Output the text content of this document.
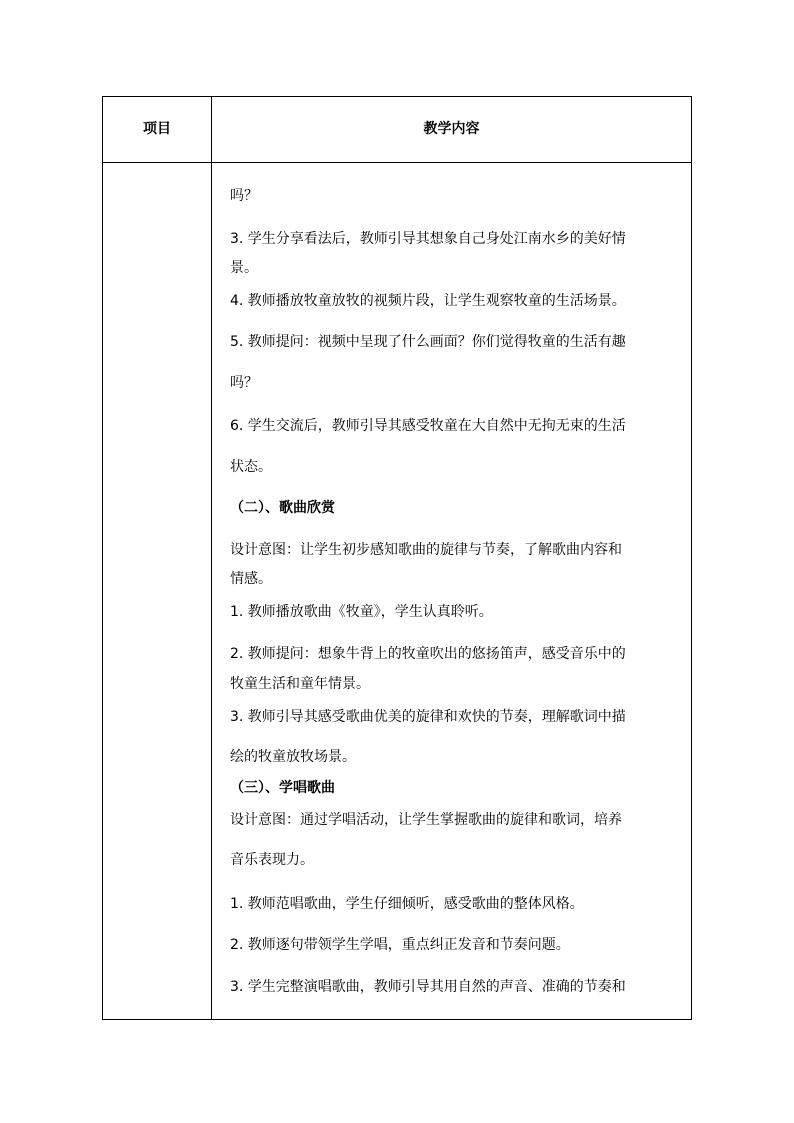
项目	教学内容
吗？
3. 学生分享看法后，教师引导其想象自己身处江南水乡的美好情
景。
4. 教师播放牧童放牧的视频片段，让学生观察牧童的生活场景。
5. 教师提问：视频中呈现了什么画面？你们觉得牧童的生活有趣
吗？
6. 学生交流后，教师引导其感受牧童在大自然中无拘无束的生活
状态。
（二）、歌曲欣赏
设计意图：让学生初步感知歌曲的旋律与节奏，了解歌曲内容和
情感。
1. 教师播放歌曲《牧童》，学生认真聆听。
2. 教师提问：想象牛背上的牧童吹出的悠扬笛声，感受音乐中的
牧童生活和童年情景。
3. 教师引导其感受歌曲优美的旋律和欢快的节奏，理解歌词中描
绘的牧童放牧场景。
（三）、学唱歌曲
设计意图：通过学唱活动，让学生掌握歌曲的旋律和歌词，培养
音乐表现力。
1. 教师范唱歌曲，学生仔细倾听，感受歌曲的整体风格。
2. 教师逐句带领学生学唱，重点纠正发音和节奏问题。
3. 学生完整演唱歌曲，教师引导其用自然的声音、准确的节奏和
